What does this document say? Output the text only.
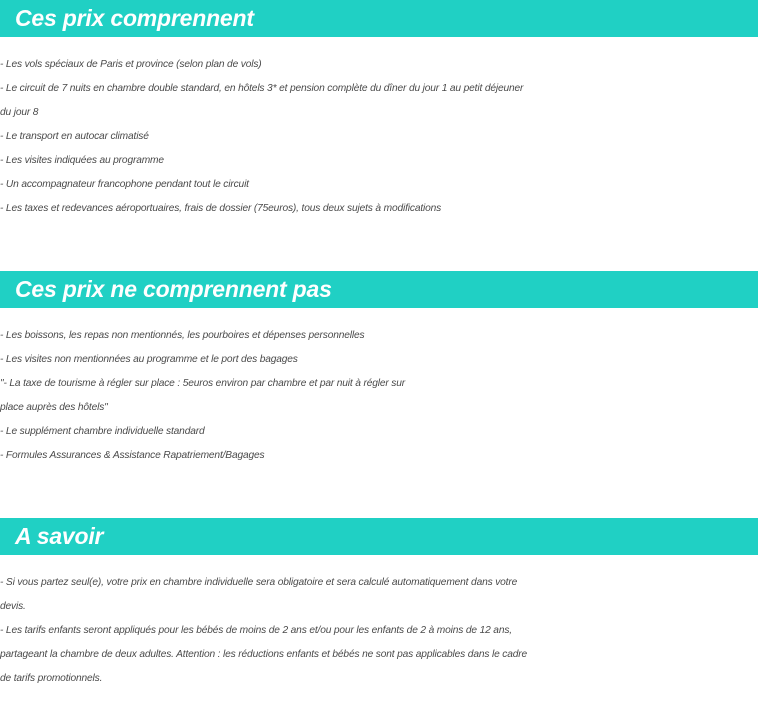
Ces prix comprennent
- Les vols spéciaux de Paris et province (selon plan de vols)
- Le circuit de 7 nuits en chambre double standard, en hôtels 3* et pension complète du dîner du jour 1 au petit déjeuner
du jour 8
- Le transport en autocar climatisé
- Les visites indiquées au programme
- Un accompagnateur francophone pendant tout le circuit
- Les taxes et redevances aéroportuaires, frais de dossier (75euros), tous deux sujets à modifications
Ces prix ne comprennent pas
- Les boissons, les repas non mentionnés, les pourboires et dépenses personnelles
- Les visites non mentionnées au programme et le port des bagages
"- La taxe de tourisme à régler sur place : 5euros environ par chambre et par nuit à régler sur
place auprès des hôtels"
- Le supplément chambre individuelle standard
- Formules Assurances & Assistance Rapatriement/Bagages
A savoir
- Si vous partez seul(e), votre prix en chambre individuelle sera obligatoire et sera calculé automatiquement dans votre
devis.
- Les tarifs enfants seront appliqués pour les bébés de moins de 2 ans et/ou pour les enfants de 2 à moins de 12 ans,
partageant la chambre de deux adultes. Attention : les réductions enfants et bébés ne sont pas applicables dans le cadre
de tarifs promotionnels.
